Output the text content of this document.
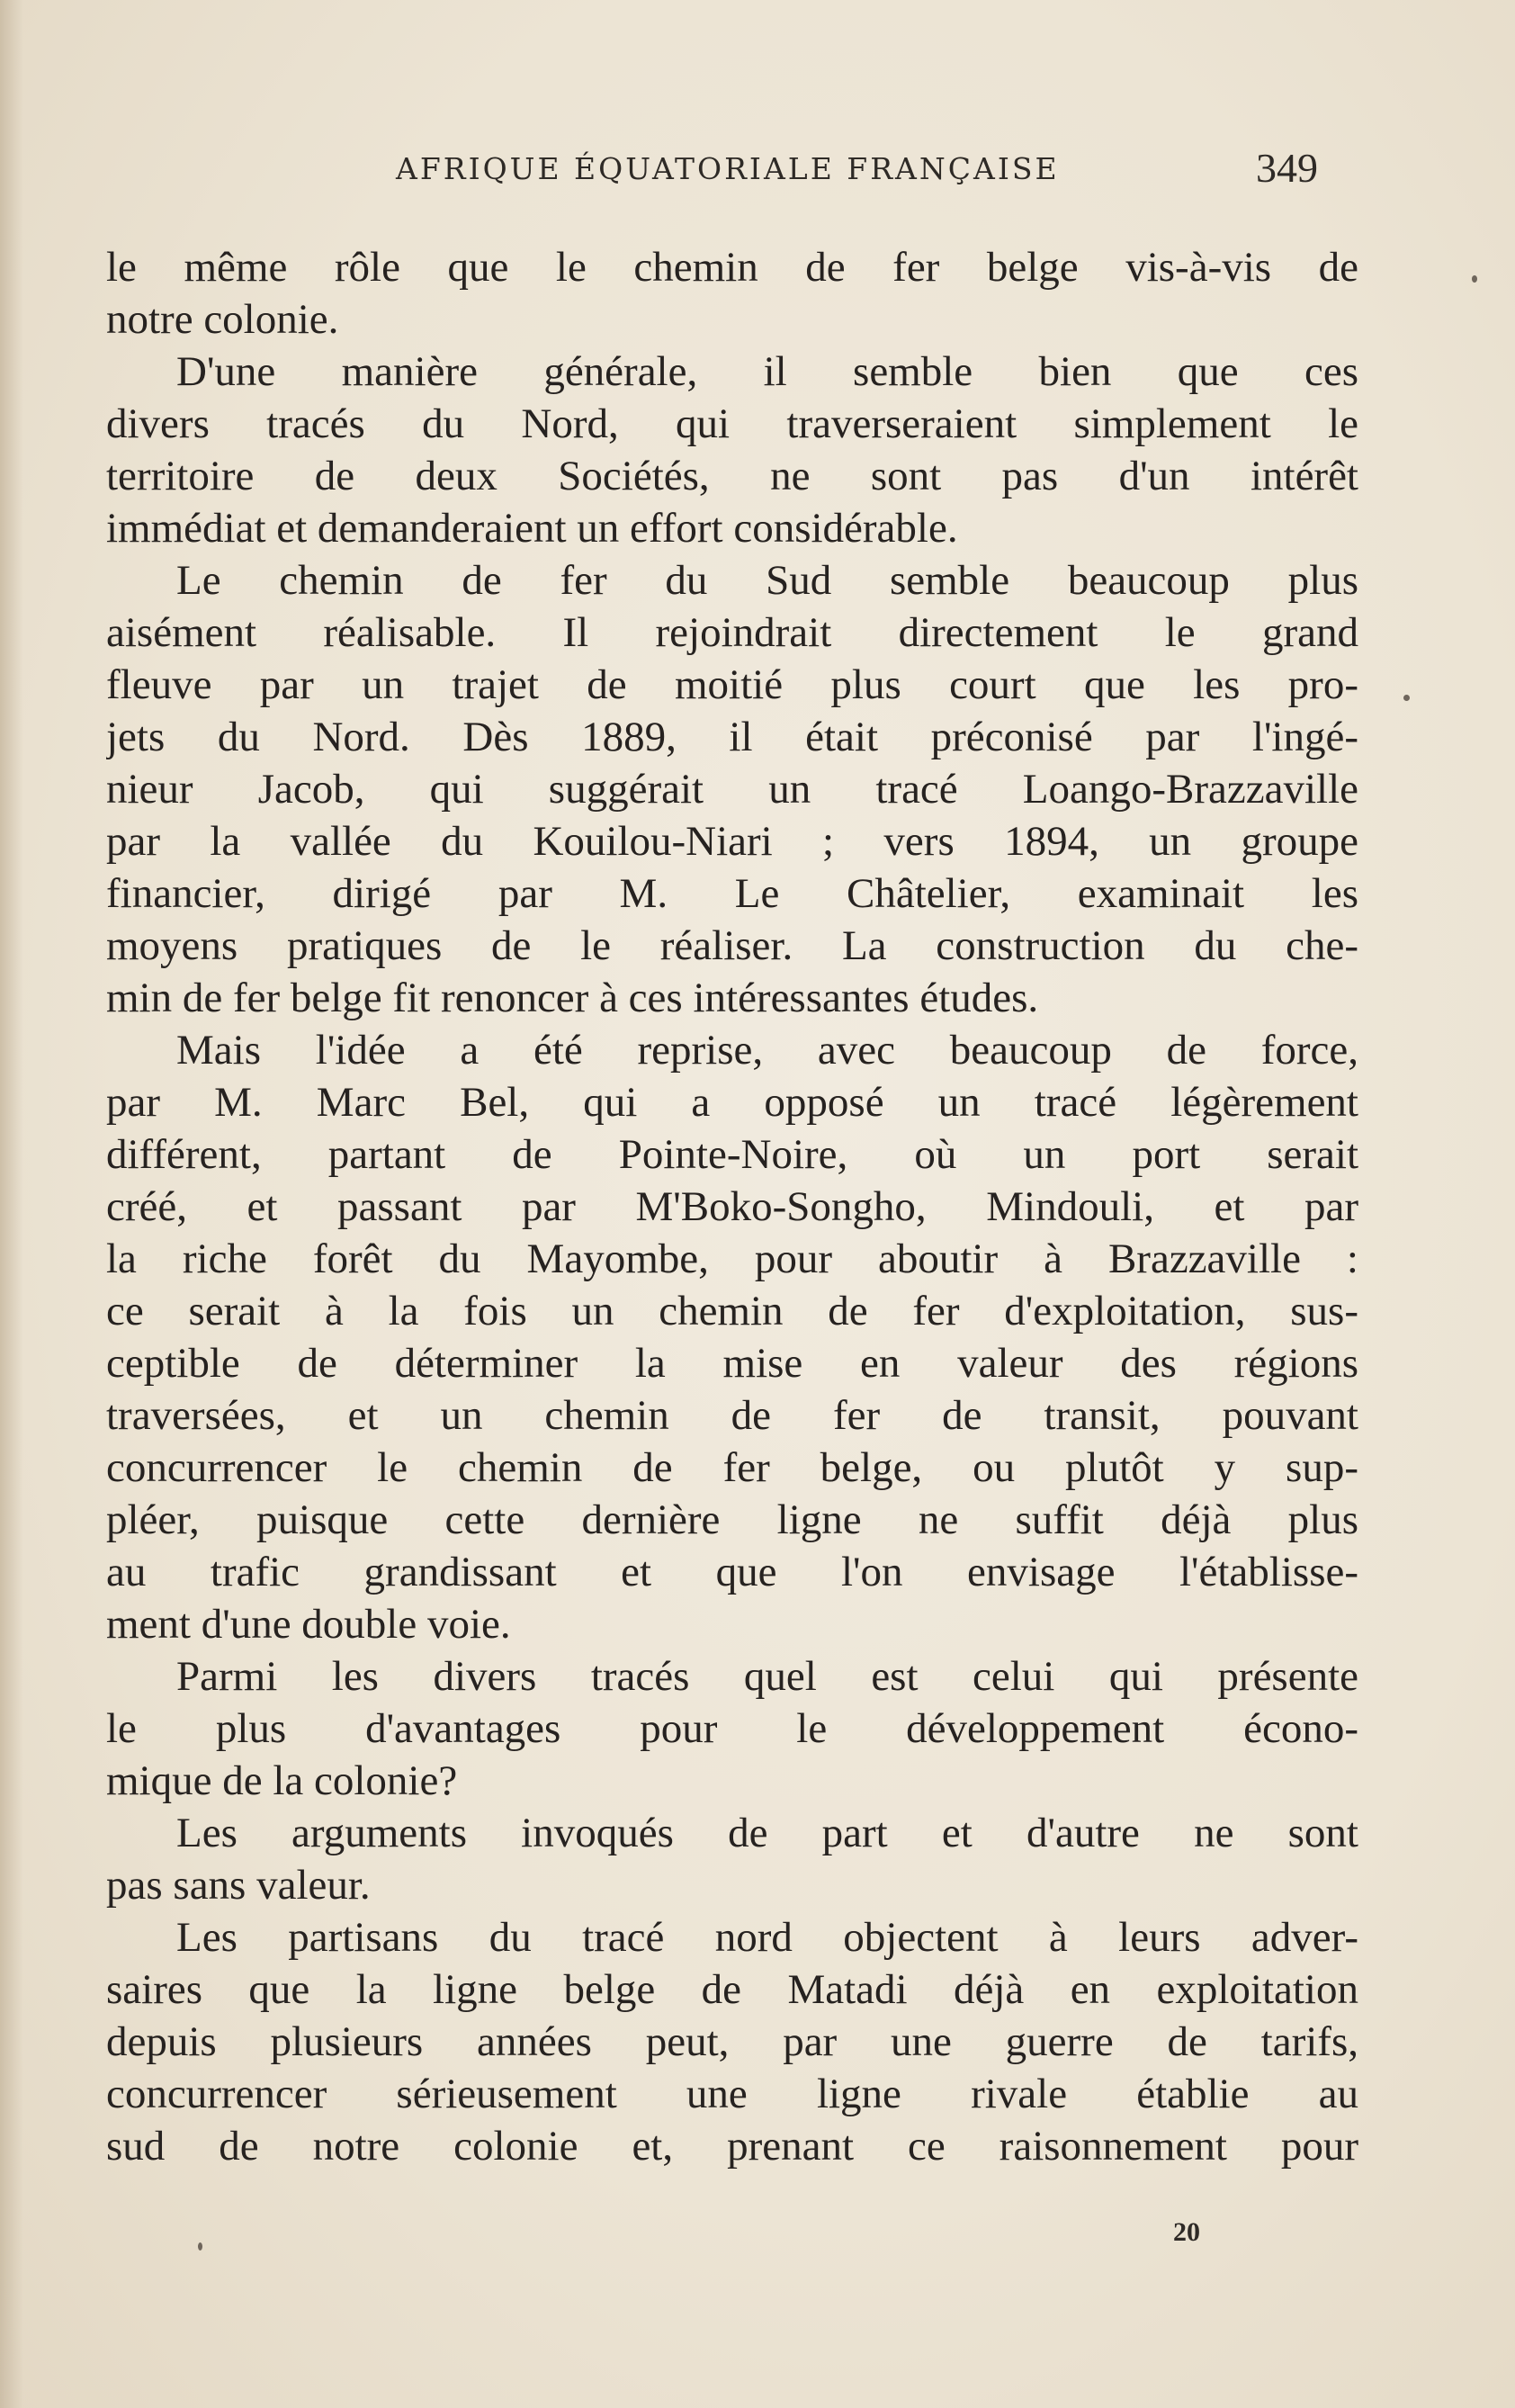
AFRIQUE ÉQUATORIALE FRANÇAISE	349
le même rôle que le chemin de fer belge vis-à-vis de
notre colonie.
D'une manière générale, il semble bien que ces
divers tracés du Nord, qui traverseraient simplement le
territoire de deux Sociétés, ne sont pas d'un intérêt
immédiat et demanderaient un effort considérable.
Le chemin de fer du Sud semble beaucoup plus
aisément réalisable. Il rejoindrait directement le grand
fleuve par un trajet de moitié plus court que les pro-
jets du Nord. Dès 1889, il était préconisé par l'ingé-
nieur Jacob, qui suggérait un tracé Loango-Brazzaville
par la vallée du Kouilou-Niari ; vers 1894, un groupe
financier, dirigé par M. Le Châtelier, examinait les
moyens pratiques de le réaliser. La construction du che-
min de fer belge fit renoncer à ces intéressantes études.
Mais l'idée a été reprise, avec beaucoup de force,
par M. Marc Bel, qui a opposé un tracé légèrement
différent, partant de Pointe-Noire, où un port serait
créé, et passant par M'Boko-Songho, Mindouli, et par
la riche forêt du Mayombe, pour aboutir à Brazzaville :
ce serait à la fois un chemin de fer d'exploitation, sus-
ceptible de déterminer la mise en valeur des régions
traversées, et un chemin de fer de transit, pouvant
concurrencer le chemin de fer belge, ou plutôt y sup-
pléer, puisque cette dernière ligne ne suffit déjà plus
au trafic grandissant et que l'on envisage l'établisse-
ment d'une double voie.
Parmi les divers tracés quel est celui qui présente
le plus d'avantages pour le développement écono-
mique de la colonie?
Les arguments invoqués de part et d'autre ne sont
pas sans valeur.
Les partisans du tracé nord objectent à leurs adver-
saires que la ligne belge de Matadi déjà en exploitation
depuis plusieurs années peut, par une guerre de tarifs,
concurrencer sérieusement une ligne rivale établie au
sud de notre colonie et, prenant ce raisonnement pour
20
